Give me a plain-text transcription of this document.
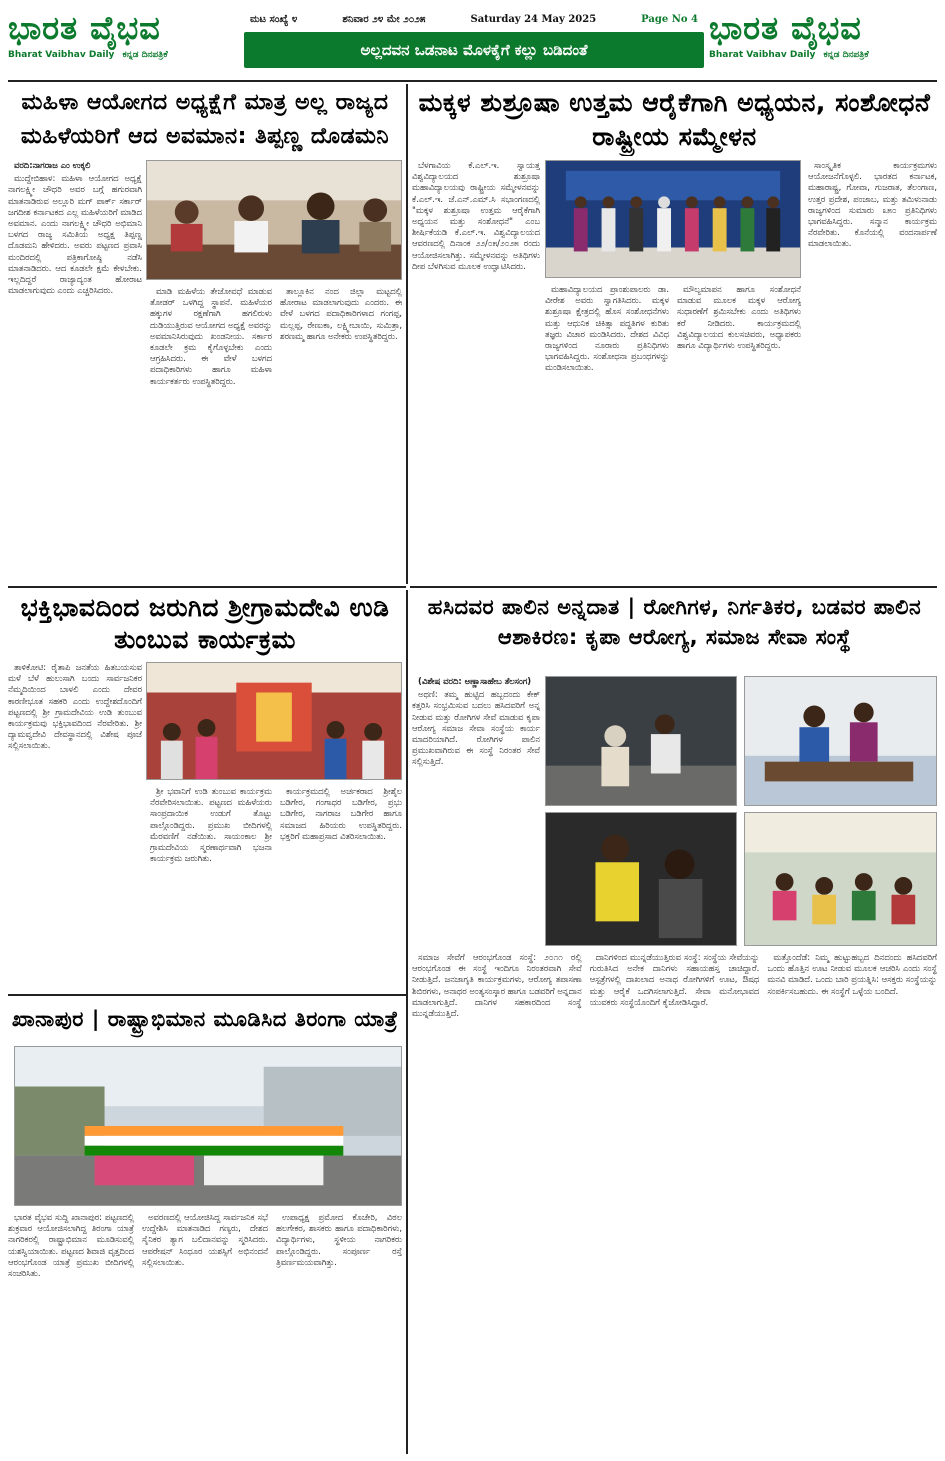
ಭಾರತ ವೈಭವ
Bharat Vaibhav Daily ಕನ್ನಡ ದಿನಪತ್ರಿಕೆ
ಮಟ ಸಂಖ್ಯೆ ೪	ಶನಿವಾರ ೨೪ ಮೇ ೨೦೨೫	Saturday 24 May 2025	Page No 4
ಅಲ್ಲದವನ ಒಡನಾಟ ಮೊಳಕೈಗೆ ಕಲ್ಲು ಬಡಿದಂತೆ
ಭಾರತ ವೈಭವ
Bharat Vaibhav Daily ಕನ್ನಡ ದಿನಪತ್ರಿಕೆ
ಮಹಿಳಾ ಆಯೋಗದ ಅಧ್ಯಕ್ಷೆಗೆ ಮಾತ್ರ ಅಲ್ಲ ರಾಜ್ಯದ ಮಹಿಳೆಯರಿಗೆ ಆದ ಅವಮಾನ: ತಿಪ್ಪಣ್ಣ ದೊಡಮನಿ

ವರದಿ:ನಾಗರಾಜ ಎಂ ಉಕ್ಕಲಿ

ಮುದ್ದೇಬಿಹಾಳ: ಮಹಿಳಾ ಆಯೋಗದ ಅಧ್ಯಕ್ಷೆ ನಾಗಲಕ್ಷ್ಮೀ ಚೌಧರಿ ಅವರ ಬಗ್ಗೆ ಹಗುರವಾಗಿ ಮಾತನಾಡಿರುವ ಅಲ್ಲೂರಿ ಮಗ್ ಪಾರ್ಕ್ ಸರ್ಕಾರ್ ಜಗದೀಶ ಕರ್ನಾಟಕದ ಎಲ್ಲ ಮಹಿಳೆಯರಿಗೆ ಮಾಡಿದ ಅವಮಾನ. ಎಂದು ನಾಗಲಕ್ಷ್ಮೀ ಚೌಧರಿ ಅಭಿಮಾನಿ ಬಳಗದ ರಾಜ್ಯ ಸಮಿತಿಯ ಅಧ್ಯಕ್ಷ ತಿಪ್ಪಣ್ಣ ದೊಡಮನಿ ಹೇಳಿದರು. ಅವರು ಪಟ್ಟಣದ ಪ್ರವಾಸಿ ಮಂದಿರದಲ್ಲಿ ಪತ್ರಿಕಾಗೋಷ್ಠಿ ನಡೆಸಿ ಮಾತನಾಡಿದರು. ಆದ ಕೂಡಲೇ ಕ್ಷಮೆ ಕೇಳಬೇಕು. ಇಲ್ಲದಿದ್ದರೆ ರಾಜ್ಯಾದ್ಯಂತ ಹೋರಾಟ ಮಾಡಲಾಗುವುದು ಎಂದು ಎಚ್ಚರಿಸಿದರು.	ಮಾಡಿ ಮಹಿಳೆಯ ತೇಜೋವಧೆ ಮಾಡುವ ತೋಡರ್ ಒಳಗಿದ್ದ ಸ್ಥಾಪನೆ. ಮಹಿಳೆಯರ ಹಕ್ಕುಗಳ ರಕ್ಷಣೆಗಾಗಿ ಹಗಲಿರುಳು ದುಡಿಯುತ್ತಿರುವ ಆಯೋಗದ ಅಧ್ಯಕ್ಷೆ ಅವರನ್ನು ಅವಮಾನಿಸಿರುವುದು ಖಂಡನೀಯ. ಸರ್ಕಾರ ಕೂಡಲೇ ಕ್ರಮ ಕೈಗೊಳ್ಳಬೇಕು ಎಂದು ಆಗ್ರಹಿಸಿದರು. ಈ ವೇಳೆ ಬಳಗದ ಪದಾಧಿಕಾರಿಗಳು ಹಾಗೂ ಮಹಿಳಾ ಕಾರ್ಯಕರ್ತರು ಉಪಸ್ಥಿತರಿದ್ದರು.

ತಾಲ್ಲೂಕಿನ ನಂದ ಜಿಲ್ಲಾ ಮಟ್ಟದಲ್ಲಿ ಹೋರಾಟ ಮಾಡಲಾಗುವುದು ಎಂದರು. ಈ ವೇಳೆ ಬಳಗದ ಪದಾಧಿಕಾರಿಗಳಾದ ಗಂಗಪ್ಪ, ಮಲ್ಲಪ್ಪ, ರೇಣುಕಾ, ಲಕ್ಷ್ಮೀಬಾಯಿ, ಸುಮಿತ್ರಾ, ಶರಣಮ್ಮ ಹಾಗೂ ಅನೇಕರು ಉಪಸ್ಥಿತರಿದ್ದರು.

ಮಕ್ಕಳ ಶುಶ್ರೂಷಾ ಉತ್ತಮ ಆರೈಕೆಗಾಗಿ ಅಧ್ಯಯನ, ಸಂಶೋಧನೆ ರಾಷ್ಟ್ರೀಯ ಸಮ್ಮೇಳನ

ಬೆಳಗಾವಿಯ ಕೆ.ಎಲ್.ಇ. ಸ್ವಾಯತ್ತ ವಿಶ್ವವಿದ್ಯಾಲಯದ ಶುಶ್ರೂಷಾ ಮಹಾವಿದ್ಯಾಲಯವು ರಾಷ್ಟ್ರೀಯ ಸಮ್ಮೇಳನವನ್ನು ಕೆ.ಎಲ್.ಇ. ಜೆ.ಎನ್.ಎಮ್.ಸಿ ಸಭಾಂಗಣದಲ್ಲಿ "ಮಕ್ಕಳ ಶುಶ್ರೂಷಾ ಉತ್ತಮ ಆರೈಕೆಗಾಗಿ ಅಧ್ಯಯನ ಮತ್ತು ಸಂಶೋಧನೆ" ಎಂಬ ಶೀರ್ಷಿಕೆಯಡಿ ಕೆ.ಎಲ್.ಇ. ವಿಶ್ವವಿದ್ಯಾಲಯದ ಆವರಣದಲ್ಲಿ ದಿನಾಂಕ ೨೨/೦೫/೨೦೨೫ ರಂದು ಆಯೋಜಿಸಲಾಗಿತ್ತು. ಸಮ್ಮೇಳನವನ್ನು ಅತಿಥಿಗಳು ದೀಪ ಬೆಳಗಿಸುವ ಮೂಲಕ ಉದ್ಘಾಟಿಸಿದರು.

ಮಹಾವಿದ್ಯಾಲಯದ ಪ್ರಾಂಶುಪಾಲರು ಡಾ. ವೀರೇಶ ಅವರು ಸ್ವಾಗತಿಸಿದರು. ಮಕ್ಕಳ ಶುಶ್ರೂಷಾ ಕ್ಷೇತ್ರದಲ್ಲಿ ಹೊಸ ಸಂಶೋಧನೆಗಳು ಮತ್ತು ಆಧುನಿಕ ಚಿಕಿತ್ಸಾ ಪದ್ಧತಿಗಳ ಕುರಿತು ತಜ್ಞರು ವಿಚಾರ ಮಂಡಿಸಿದರು. ದೇಶದ ವಿವಿಧ ರಾಜ್ಯಗಳಿಂದ ನೂರಾರು ಪ್ರತಿನಿಧಿಗಳು ಭಾಗವಹಿಸಿದ್ದರು. ಸಂಶೋಧನಾ ಪ್ರಬಂಧಗಳನ್ನು ಮಂಡಿಸಲಾಯಿತು.

ಮೌಲ್ಯಮಾಪನ ಹಾಗೂ ಸಂಶೋಧನೆ ಮಾಡುವ ಮೂಲಕ ಮಕ್ಕಳ ಆರೋಗ್ಯ ಸುಧಾರಣೆಗೆ ಶ್ರಮಿಸಬೇಕು ಎಂದು ಅತಿಥಿಗಳು ಕರೆ ನೀಡಿದರು. ಕಾರ್ಯಕ್ರಮದಲ್ಲಿ ವಿಶ್ವವಿದ್ಯಾಲಯದ ಕುಲಸಚಿವರು, ಅಧ್ಯಾಪಕರು ಹಾಗೂ ವಿದ್ಯಾರ್ಥಿಗಳು ಉಪಸ್ಥಿತರಿದ್ದರು.

ಸಾಂಸ್ಕೃತಿಕ ಕಾರ್ಯಕ್ರಮಗಳು ಆಯೋಜನೆಗೊಳ್ಳಲಿ. ಭಾರತದ ಕರ್ನಾಟಕ, ಮಹಾರಾಷ್ಟ್ರ, ಗೋವಾ, ಗುಜರಾತ, ತೆಲಂಗಾಣ, ಉತ್ತರ ಪ್ರದೇಶ, ಪಂಜಾಬ, ಮತ್ತು ತಮಿಳುನಾಡು ರಾಜ್ಯಗಳಿಂದ ಸುಮಾರು ೩೫೦ ಪ್ರತಿನಿಧಿಗಳು ಭಾಗವಹಿಸಿದ್ದರು. ಸನ್ಮಾನ ಕಾರ್ಯಕ್ರಮ ನೆರವೇರಿತು. ಕೊನೆಯಲ್ಲಿ ವಂದನಾರ್ಪಣೆ ಮಾಡಲಾಯಿತು.

ಭಕ್ತಿಭಾವದಿಂದ ಜರುಗಿದ ಶ್ರೀಗ್ರಾಮದೇವಿ ಉಡಿ ತುಂಬುವ ಕಾರ್ಯಕ್ರಮ

ತಾಳಿಕೋಟಿ: ರೈತಾಪಿ ಜನತೆಯ ಹಿತಬಯಸುವ ಮಳೆ ಬೆಳೆ ಹುಲುಸಾಗಿ ಬಂದು ಸಾರ್ವಜನಿಕರ ನೆಮ್ಮದಿಯಿಂದ ಬಾಳಲಿ ಎಂದು ದೇವರ ಕಾರಣೀಭೂತ ಸಹಕರಿ ಎಂದು ಉದ್ದೇಶದೊಂದಿಗೆ ಪಟ್ಟಣದಲ್ಲಿ ಶ್ರೀ ಗ್ರಾಮದೇವಿಯ ಉಡಿ ತುಂಬುವ ಕಾರ್ಯಕ್ರಮವು ಭಕ್ತಿಭಾವದಿಂದ ನೆರವೇರಿತು. ಶ್ರೀ ದ್ಯಾಮವ್ವದೇವಿ ದೇವಸ್ಥಾನದಲ್ಲಿ ವಿಶೇಷ ಪೂಜೆ ಸಲ್ಲಿಸಲಾಯಿತು.

ಶ್ರೀ ಭವಾನಿಗೆ ಉಡಿ ತುಂಬುವ ಕಾರ್ಯಕ್ರಮ ನೆರವೇರಿಸಲಾಯಿತು. ಪಟ್ಟಣದ ಮಹಿಳೆಯರು ಸಾಂಪ್ರದಾಯಿಕ ಉಡುಗೆ ತೊಟ್ಟು ಪಾಲ್ಗೊಂಡಿದ್ದರು. ಪ್ರಮುಖ ಬೀದಿಗಳಲ್ಲಿ ಮೆರವಣಿಗೆ ನಡೆಯಿತು. ಸಾಯಂಕಾಲ ಶ್ರೀ ಗ್ರಾಮದೇವಿಯ ಸ್ಮರಣಾರ್ಥವಾಗಿ ಭಜನಾ ಕಾರ್ಯಕ್ರಮ ಜರುಗಿತು.

ಕಾರ್ಯಕ್ರಮದಲ್ಲಿ ಅರ್ಚಕರಾದ ಶ್ರೀಶೈಲ ಬಡಿಗೇರ, ಗಂಗಾಧರ ಬಡಿಗೇರ, ಪ್ರಭು ಬಡಿಗೇರ, ನಾಗರಾಜ ಬಡಿಗೇರ ಹಾಗೂ ಸಮಾಜದ ಹಿರಿಯರು ಉಪಸ್ಥಿತರಿದ್ದರು. ಭಕ್ತರಿಗೆ ಮಹಾಪ್ರಸಾದ ವಿತರಿಸಲಾಯಿತು.

ಹಸಿದವರ ಪಾಲಿನ ಅನ್ನದಾತ | ರೋಗಿಗಳ, ನಿರ್ಗತಿಕರ, ಬಡವರ ಪಾಲಿನ ಆಶಾಕಿರಣ: ಕೃಪಾ ಆರೋಗ್ಯ, ಸಮಾಜ ಸೇವಾ ಸಂಸ್ಥೆ

(ವಿಶೇಷ ವರದಿ: ಅಣ್ಣಾಸಾಹೇಬ ತೆಲಸಂಗ)

ಅಥಣಿ: ತಮ್ಮ ಹುಟ್ಟಿದ ಹಬ್ಬದಂದು ಕೇಕ್ ಕತ್ತರಿಸಿ ಸಂಭ್ರಮಿಸುವ ಬದಲು ಹಸಿದವರಿಗೆ ಅನ್ನ ನೀಡುವ ಮತ್ತು ರೋಗಿಗಳ ಸೇವೆ ಮಾಡುವ ಕೃಪಾ ಆರೋಗ್ಯ ಸಮಾಜ ಸೇವಾ ಸಂಸ್ಥೆಯ ಕಾರ್ಯ ಮಾದರಿಯಾಗಿದೆ. ರೋಗಿಗಳ ಪಾಲಿನ ಪ್ರಮುಖವಾಗಿರುವ ಈ ಸಂಸ್ಥೆ ನಿರಂತರ ಸೇವೆ ಸಲ್ಲಿಸುತ್ತಿದೆ.

ಸಮಾಜ ಸೇವೆಗೆ ಆರಂಭಗೊಂಡ ಸಂಸ್ಥೆ: ೨೦೧೧ ರಲ್ಲಿ ಆರಂಭಗೊಂಡ ಈ ಸಂಸ್ಥೆ ಇಂದಿಗೂ ನಿರಂತರವಾಗಿ ಸೇವೆ ನೀಡುತ್ತಿದೆ. ಜನಜಾಗೃತಿ ಕಾರ್ಯಕ್ರಮಗಳು, ಆರೋಗ್ಯ ತಪಾಸಣಾ ಶಿಬಿರಗಳು, ಅನಾಥರ ಅಂತ್ಯಸಂಸ್ಕಾರ ಹಾಗೂ ಬಡವರಿಗೆ ಅನ್ನದಾನ ಮಾಡಲಾಗುತ್ತಿದೆ. ದಾನಿಗಳ ಸಹಕಾರದಿಂದ ಸಂಸ್ಥೆ ಮುನ್ನಡೆಯುತ್ತಿದೆ.

ದಾನಿಗಳಿಂದ ಮುನ್ನಡೆಯುತ್ತಿರುವ ಸಂಸ್ಥೆ: ಸಂಸ್ಥೆಯ ಸೇವೆಯನ್ನು ಗುರುತಿಸಿದ ಅನೇಕ ದಾನಿಗಳು ಸಹಾಯಹಸ್ತ ಚಾಚಿದ್ದಾರೆ. ಆಸ್ಪತ್ರೆಗಳಲ್ಲಿ ದಾಖಲಾದ ಅನಾಥ ರೋಗಿಗಳಿಗೆ ಊಟ, ಔಷಧ ಮತ್ತು ಆರೈಕೆ ಒದಗಿಸಲಾಗುತ್ತಿದೆ. ಸೇವಾ ಮನೋಭಾವದ ಯುವಕರು ಸಂಸ್ಥೆಯೊಂದಿಗೆ ಕೈಜೋಡಿಸಿದ್ದಾರೆ.

ಮತ್ತೊಂದೆಡೆ: ನಿಮ್ಮ ಹುಟ್ಟುಹಬ್ಬದ ದಿನದಂದು ಹಸಿದವರಿಗೆ ಒಂದು ಹೊತ್ತಿನ ಊಟ ನೀಡುವ ಮೂಲಕ ಆಚರಿಸಿ ಎಂದು ಸಂಸ್ಥೆ ಮನವಿ ಮಾಡಿದೆ. ಒಂದು ಬಾರಿ ಪ್ರಯತ್ನಿಸಿ: ಆಸಕ್ತರು ಸಂಸ್ಥೆಯನ್ನು ಸಂಪರ್ಕಿಸಬಹುದು. ಈ ಸಂಸ್ಥೆಗೆ ಒಳ್ಳೆಯ ಬಂದಿದೆ.

ಖಾನಾಪುರ | ರಾಷ್ಟ್ರಾಭಿಮಾನ ಮೂಡಿಸಿದ ತಿರಂಗಾ ಯಾತ್ರೆ

ಭಾರತ ವೈಭವ ಸುದ್ದಿ ಖಾನಾಪುರ: ಪಟ್ಟಣದಲ್ಲಿ ಶುಕ್ರವಾರ ಆಯೋಜಿಸಲಾಗಿದ್ದ ತಿರಂಗಾ ಯಾತ್ರೆ ನಾಗರಿಕರಲ್ಲಿ ರಾಷ್ಟ್ರಾಭಿಮಾನ ಮೂಡಿಸುವಲ್ಲಿ ಯಶಸ್ವಿಯಾಯಿತು. ಪಟ್ಟಣದ ಶಿವಾಜಿ ವೃತ್ತದಿಂದ ಆರಂಭಗೊಂಡ ಯಾತ್ರೆ ಪ್ರಮುಖ ಬೀದಿಗಳಲ್ಲಿ ಸಂಚರಿಸಿತು.

ಅವರಣದಲ್ಲಿ ಆಯೋಜಿಸಿದ್ದ ಸಾರ್ವಜನಿಕ ಸಭೆ ಉದ್ದೇಶಿಸಿ ಮಾತನಾಡಿದ ಗಣ್ಯರು, ದೇಶದ ಸೈನಿಕರ ತ್ಯಾಗ ಬಲಿದಾನವನ್ನು ಸ್ಮರಿಸಿದರು. ಆಪರೇಷನ್ ಸಿಂಧೂರ ಯಶಸ್ಸಿಗೆ ಅಭಿನಂದನೆ ಸಲ್ಲಿಸಲಾಯಿತು.

ಉಪಾಧ್ಯಕ್ಷ ಪ್ರಮೋದ ಕೊಚೇರಿ, ವಿಠಲ ಹಲಗೇಕರ, ಶಾಸಕರು ಹಾಗೂ ಪದಾಧಿಕಾರಿಗಳು, ವಿದ್ಯಾರ್ಥಿಗಳು, ಸ್ಥಳೀಯ ನಾಗರಿಕರು ಪಾಲ್ಗೊಂಡಿದ್ದರು. ಸಂಪೂರ್ಣ ರಸ್ತೆ ತ್ರಿವರ್ಣಮಯವಾಗಿತ್ತು.
